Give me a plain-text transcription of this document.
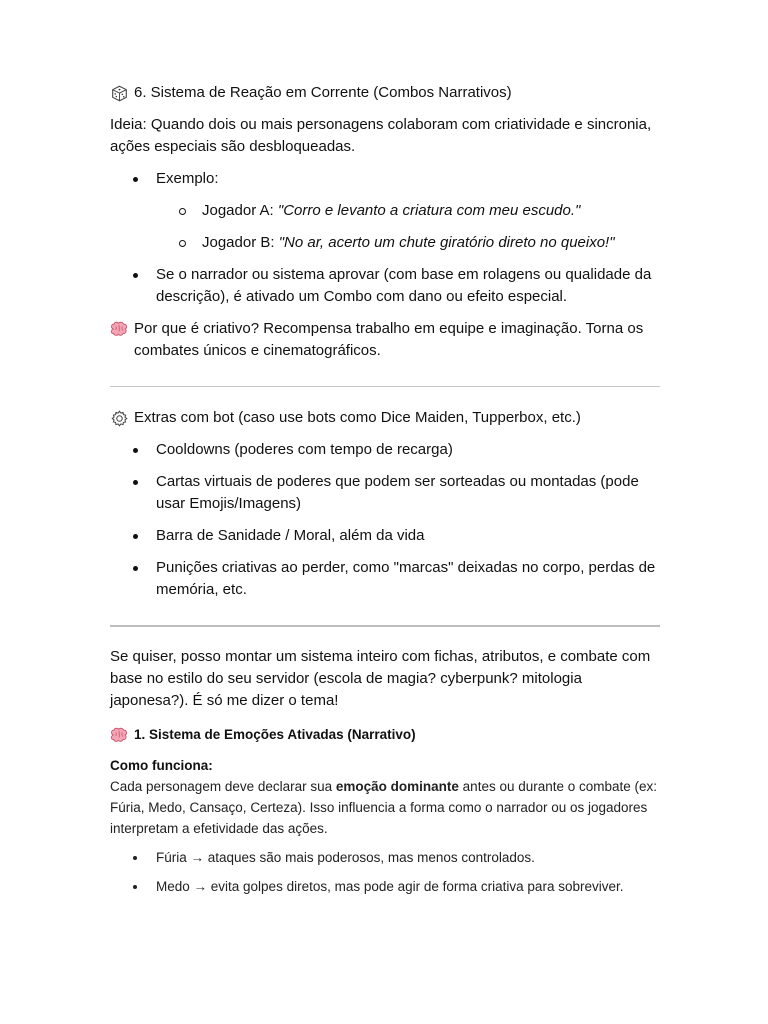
6. Sistema de Reação em Corrente (Combos Narrativos)

Ideia: Quando dois ou mais personagens colaboram com criatividade e sincronia, ações especiais são desbloqueadas.

Exemplo:
Jogador A: "Corro e levanto a criatura com meu escudo."
Jogador B: "No ar, acerto um chute giratório direto no queixo!"
Se o narrador ou sistema aprovar (com base em rolagens ou qualidade da descrição), é ativado um Combo com dano ou efeito especial.

Por que é criativo? Recompensa trabalho em equipe e imaginação. Torna os combates únicos e cinematográficos.

Extras com bot (caso use bots como Dice Maiden, Tupperbox, etc.)
Cooldowns (poderes com tempo de recarga)
Cartas virtuais de poderes que podem ser sorteadas ou montadas (pode usar Emojis/Imagens)
Barra de Sanidade / Moral, além da vida
Punições criativas ao perder, como "marcas" deixadas no corpo, perdas de memória, etc.

Se quiser, posso montar um sistema inteiro com fichas, atributos, e combate com base no estilo do seu servidor (escola de magia? cyberpunk? mitologia japonesa?). É só me dizer o tema!

1. Sistema de Emoções Ativadas (Narrativo)

Como funciona:

Cada personagem deve declarar sua emoção dominante antes ou durante o combate (ex: Fúria, Medo, Cansaço, Certeza). Isso influencia a forma como o narrador ou os jogadores interpretam a efetividade das ações.

Fúria → ataques são mais poderosos, mas menos controlados.
Medo → evita golpes diretos, mas pode agir de forma criativa para sobreviver.
